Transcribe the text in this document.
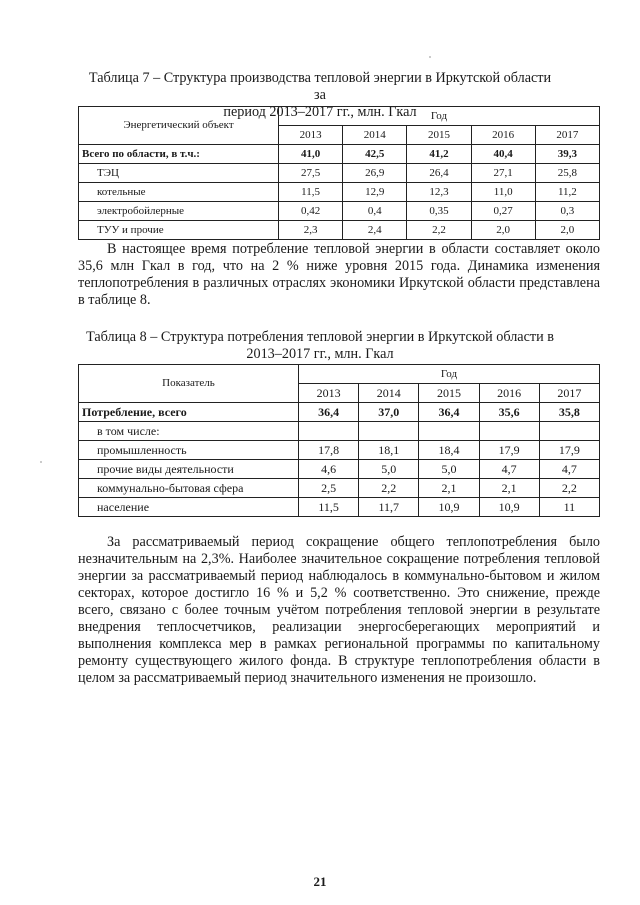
Таблица 7 – Структура производства тепловой энергии в Иркутской области за
период 2013–2017 гг., млн. Гкал
Энергетический объект	Год				
	2013	2014	2015	2016	2017
Всего по области, в т.ч.:	41,0	42,5	41,2	40,4	39,3
ТЭЦ	27,5	26,9	26,4	27,1	25,8
котельные	11,5	12,9	12,3	11,0	11,2
электробойлерные	0,42	0,4	0,35	0,27	0,3
ТУУ и прочие	2,3	2,4	2,2	2,0	2,0
В настоящее время потребление тепловой энергии в области составляет около 35,6 млн Гкал в год, что на 2 % ниже уровня 2015 года. Динамика изменения теплопотребления в различных отраслях экономики Иркутской области представлена в таблице 8.
Таблица 8 – Структура потребления тепловой энергии в Иркутской области в
2013–2017 гг., млн. Гкал
Показатель	Год				
	2013	2014	2015	2016	2017
Потребление, всего	36,4	37,0	36,4	35,6	35,8
в том числе:					
промышленность	17,8	18,1	18,4	17,9	17,9
прочие виды деятельности	4,6	5,0	5,0	4,7	4,7
коммунально-бытовая сфера	2,5	2,2	2,1	2,1	2,2
население	11,5	11,7	10,9	10,9	11
За рассматриваемый период сокращение общего теплопотребления было незначительным на 2,3%. Наиболее значительное сокращение потребления тепловой энергии за рассматриваемый период наблюдалось в коммунально-бытовом и жилом секторах, которое достигло 16 % и 5,2 % соответственно. Это снижение, прежде всего, связано с более точным учётом потребления тепловой энергии в результате внедрения теплосчетчиков, реализации энергосберегающих мероприятий и выполнения комплекса мер в рамках региональной программы по капитальному ремонту существующего жилого фонда. В структуре теплопотребления области в целом за рассматриваемый период значительного изменения не произошло.
21
